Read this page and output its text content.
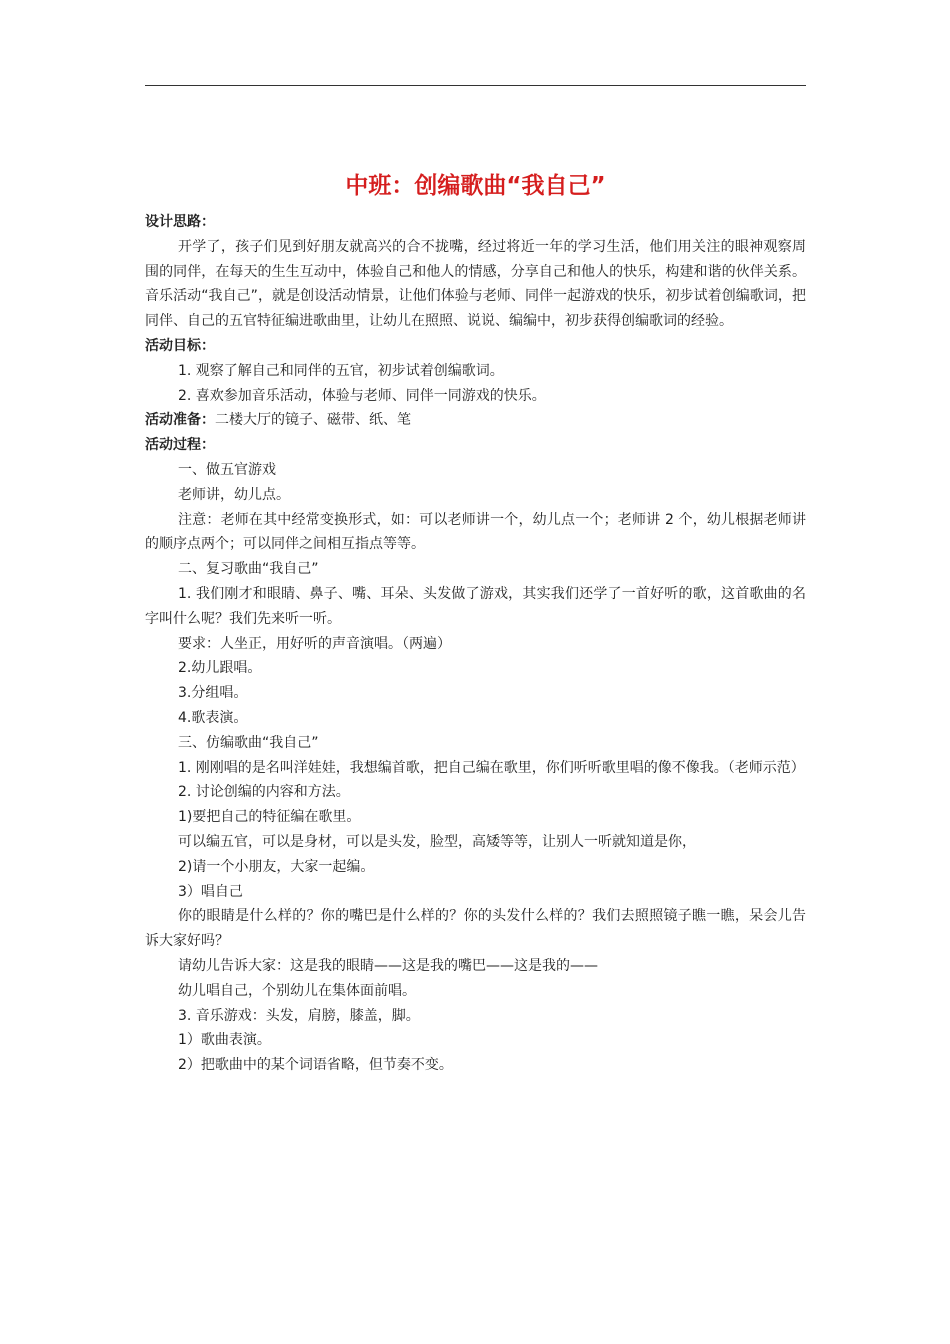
中班：创编歌曲“我自己”

设计思路：

开学了，孩子们见到好朋友就高兴的合不拢嘴，经过将近一年的学习生活，他们用关注的眼神观察周围的同伴，在每天的生生互动中，体验自己和他人的情感，分享自己和他人的快乐，构建和谐的伙伴关系。音乐活动“我自己”，就是创设活动情景，让他们体验与老师、同伴一起游戏的快乐，初步试着创编歌词，把同伴、自己的五官特征编进歌曲里，让幼儿在照照、说说、编编中，初步获得创编歌词的经验。

活动目标：

1. 观察了解自己和同伴的五官，初步试着创编歌词。

2. 喜欢参加音乐活动，体验与老师、同伴一同游戏的快乐。

活动准备：二楼大厅的镜子、磁带、纸、笔

活动过程：

一、做五官游戏

老师讲，幼儿点。

注意：老师在其中经常变换形式，如：可以老师讲一个，幼儿点一个；老师讲 2 个，幼儿根据老师讲的顺序点两个；可以同伴之间相互指点等等。

二、复习歌曲“我自己”

1. 我们刚才和眼睛、鼻子、嘴、耳朵、头发做了游戏，其实我们还学了一首好听的歌，这首歌曲的名字叫什么呢？我们先来听一听。

要求：人坐正，用好听的声音演唱。（两遍）

2.幼儿跟唱。

3.分组唱。

4.歌表演。

三、仿编歌曲“我自己”

1. 刚刚唱的是名叫洋娃娃，我想编首歌，把自己编在歌里，你们听听歌里唱的像不像我。（老师示范）

2. 讨论创编的内容和方法。

1)要把自己的特征编在歌里。

可以编五官，可以是身材，可以是头发，脸型，高矮等等，让别人一听就知道是你，

2)请一个小朋友，大家一起编。

3）唱自己

你的眼睛是什么样的？你的嘴巴是什么样的？你的头发什么样的？我们去照照镜子瞧一瞧，呆会儿告诉大家好吗？

请幼儿告诉大家：这是我的眼睛——这是我的嘴巴——这是我的——

幼儿唱自己，个别幼儿在集体面前唱。

3. 音乐游戏：头发，肩膀，膝盖，脚。

1）歌曲表演。

2）把歌曲中的某个词语省略，但节奏不变。
